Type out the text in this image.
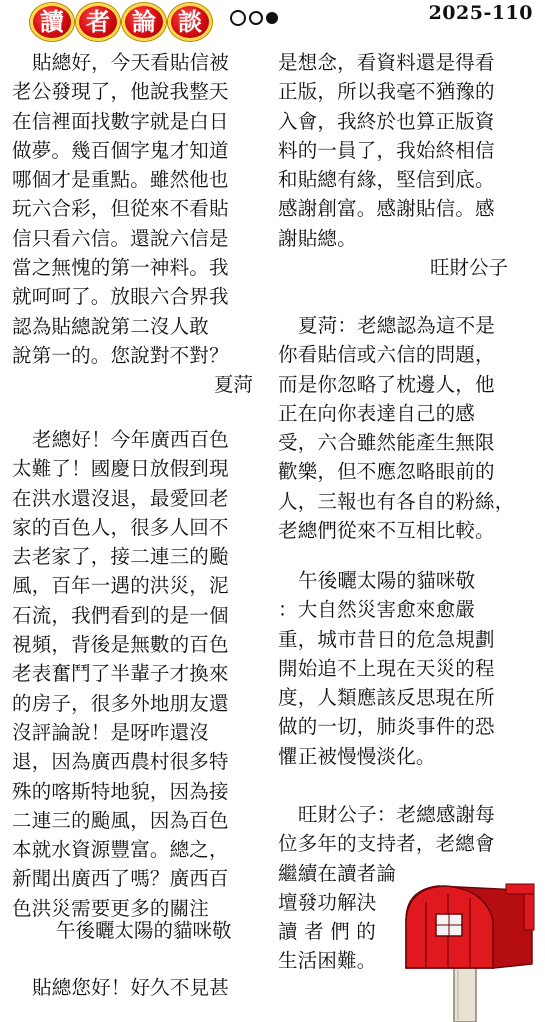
讀 者 論 談	2025-110
貼總好，今天看貼信被
老公發現了，他說我整天
在信裡面找數字就是白日
做夢。幾百個字鬼才知道
哪個才是重點。雖然他也
玩六合彩，但從來不看貼
信只看六信。還說六信是
當之無愧的第一神料。我
就呵呵了。放眼六合界我
認為貼總說第二沒人敢
說第一的。您說對不對？
夏菏
老總好！今年廣西百色
太難了！國慶日放假到現
在洪水還沒退，最愛回老
家的百色人，很多人回不
去老家了，接二連三的颱
風，百年一遇的洪災，泥
石流，我們看到的是一個
視頻，背後是無數的百色
老表奮鬥了半輩子才換來
的房子，很多外地朋友還
沒評論說！是呀咋還沒
退，因為廣西農村很多特
殊的喀斯特地貌，因為接
二連三的颱風，因為百色
本就水資源豐富。總之，
新聞出廣西了嗎？廣西百
色洪災需要更多的關注
午後曬太陽的貓咪敬
貼總您好！好久不見甚
是想念，看資料還是得看
正版，所以我毫不猶豫的
入會，我終於也算正版資
料的一員了，我始終相信
和貼總有緣，堅信到底。
感謝創富。感謝貼信。感
謝貼總。
旺財公子
夏菏：老總認為這不是
你看貼信或六信的問題，
而是你忽略了枕邊人，他
正在向你表達自己的感
受，六合雖然能產生無限
歡樂，但不應忽略眼前的
人，三報也有各自的粉絲，
老總們從來不互相比較。
午後曬太陽的貓咪敬
：大自然災害愈來愈嚴
重，城市昔日的危急規劃
開始追不上現在天災的程
度，人類應該反思現在所
做的一切，肺炎事件的恐
懼正被慢慢淡化。
旺財公子：老總感謝每
位多年的支持者，老總會
繼續在讀者論
壇發功解決
讀 者 們 的
生活困難。
